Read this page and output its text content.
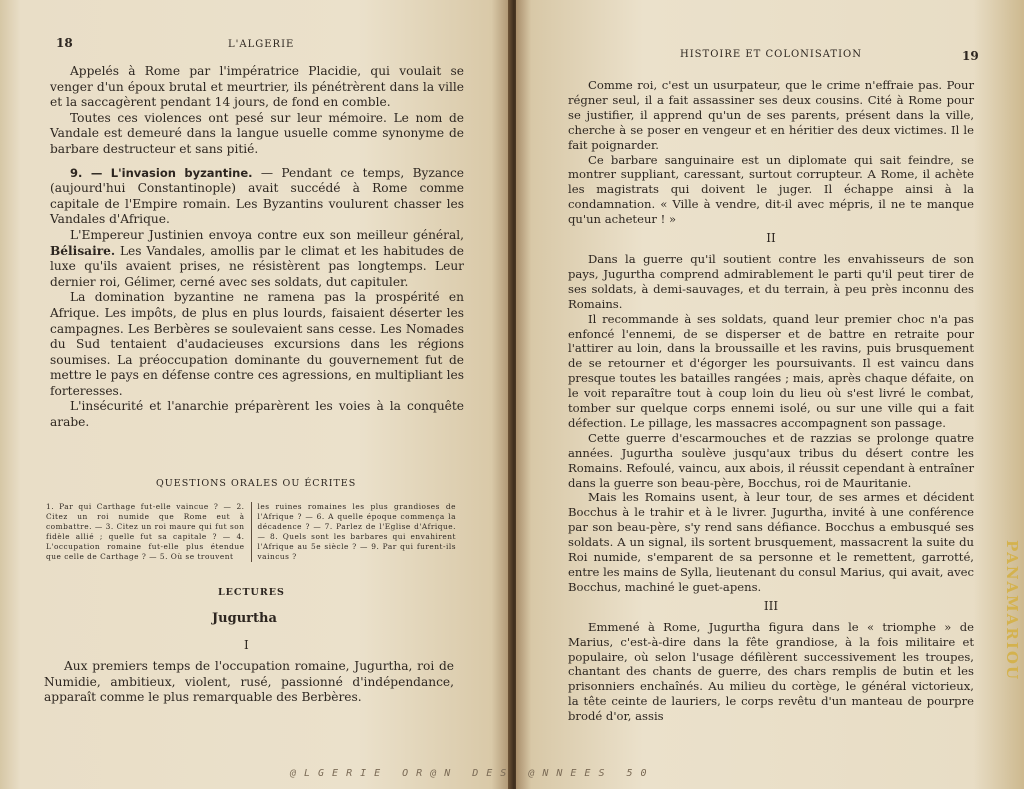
18	L'ALGERIE

Appelés à Rome par l'impératrice Placidie, qui voulait se venger d'un époux brutal et meurtrier, ils pénétrèrent dans la ville et la saccagèrent pendant 14 jours, de fond en comble.

Toutes ces violences ont pesé sur leur mémoire. Le nom de Vandale est demeuré dans la langue usuelle comme synonyme de barbare destructeur et sans pitié.

9. — L'invasion byzantine. — Pendant ce temps, Byzance (aujourd'hui Constantinople) avait succédé à Rome comme capitale de l'Empire romain. Les Byzantins voulurent chasser les Vandales d'Afrique.

L'Empereur Justinien envoya contre eux son meilleur général, Bélisaire. Les Vandales, amollis par le climat et les habitudes de luxe qu'ils avaient prises, ne résistèrent pas longtemps. Leur dernier roi, Gélimer, cerné avec ses soldats, dut capituler.

La domination byzantine ne ramena pas la prospérité en Afrique. Les impôts, de plus en plus lourds, faisaient déserter les campagnes. Les Berbères se soulevaient sans cesse. Les Nomades du Sud tentaient d'audacieuses excursions dans les régions soumises. La préoccupation dominante du gouvernement fut de mettre le pays en défense contre ces agressions, en multipliant les forteresses.

L'insécurité et l'anarchie préparèrent les voies à la conquête arabe.

QUESTIONS ORALES OU ÉCRITES
1. Par qui Carthage fut-elle vaincue ? — 2. Citez un roi numide que Rome eut à combattre. — 3. Citez un roi maure qui fut son fidèle allié ; quelle fut sa capitale ? — 4. L'occupation romaine fut-elle plus étendue que celle de Carthage ? — 5. Où se trouvent
les ruines romaines les plus grandioses de l'Afrique ? — 6. A quelle époque commença la décadence ? — 7. Parlez de l'Eglise d'Afrique. — 8. Quels sont les barbares qui envahirent l'Afrique au 5e siècle ? — 9. Par qui furent-ils vaincus ?
LECTURES
Jugurtha
I

Aux premiers temps de l'occupation romaine, Jugurtha, roi de Numidie, ambitieux, violent, rusé, passionné d'indépendance, apparaît comme le plus remarquable des Berbères.

HISTOIRE ET COLONISATION	19

Comme roi, c'est un usurpateur, que le crime n'effraie pas. Pour régner seul, il a fait assassiner ses deux cousins. Cité à Rome pour se justifier, il apprend qu'un de ses parents, présent dans la ville, cherche à se poser en vengeur et en héritier des deux victimes. Il le fait poignarder.

Ce barbare sanguinaire est un diplomate qui sait feindre, se montrer suppliant, caressant, surtout corrupteur. A Rome, il achète les magistrats qui doivent le juger. Il échappe ainsi à la condamnation. « Ville à vendre, dit-il avec mépris, il ne te manque qu'un acheteur ! »

II

Dans la guerre qu'il soutient contre les envahisseurs de son pays, Jugurtha comprend admirablement le parti qu'il peut tirer de ses soldats, à demi-sauvages, et du terrain, à peu près inconnu des Romains.

Il recommande à ses soldats, quand leur premier choc n'a pas enfoncé l'ennemi, de se disperser et de battre en retraite pour l'attirer au loin, dans la broussaille et les ravins, puis brusquement de se retourner et d'égorger les poursuivants. Il est vaincu dans presque toutes les batailles rangées ; mais, après chaque défaite, on le voit reparaître tout à coup loin du lieu où s'est livré le combat, tomber sur quelque corps ennemi isolé, ou sur une ville qui a fait défection. Le pillage, les massacres accompagnent son passage.

Cette guerre d'escarmouches et de razzias se prolonge quatre années. Jugurtha soulève jusqu'aux tribus du désert contre les Romains. Refoulé, vaincu, aux abois, il réussit cependant à entraîner dans la guerre son beau-père, Bocchus, roi de Mauritanie.

Mais les Romains usent, à leur tour, de ses armes et décident Bocchus à le trahir et à le livrer. Jugurtha, invité à une conférence par son beau-père, s'y rend sans défiance. Bocchus a embusqué ses soldats. A un signal, ils sortent brusquement, massacrent la suite du Roi numide, s'emparent de sa personne et le remettent, garrotté, entre les mains de Sylla, lieutenant du consul Marius, qui avait, avec Bocchus, machiné le guet-apens.

III

Emmené à Rome, Jugurtha figura dans le « triomphe » de Marius, c'est-à-dire dans la fête grandiose, à la fois militaire et populaire, où selon l'usage défilèrent successivement les troupes, chantant des chants de guerre, des chars remplis de butin et les prisonniers enchaînés. Au milieu du cortège, le général victorieux, la tête ceinte de lauriers, le corps revêtu d'un manteau de pourpre brodé d'or, assis

@LGERIE OR@N DES @NNEES 50
PANAMARIOU
